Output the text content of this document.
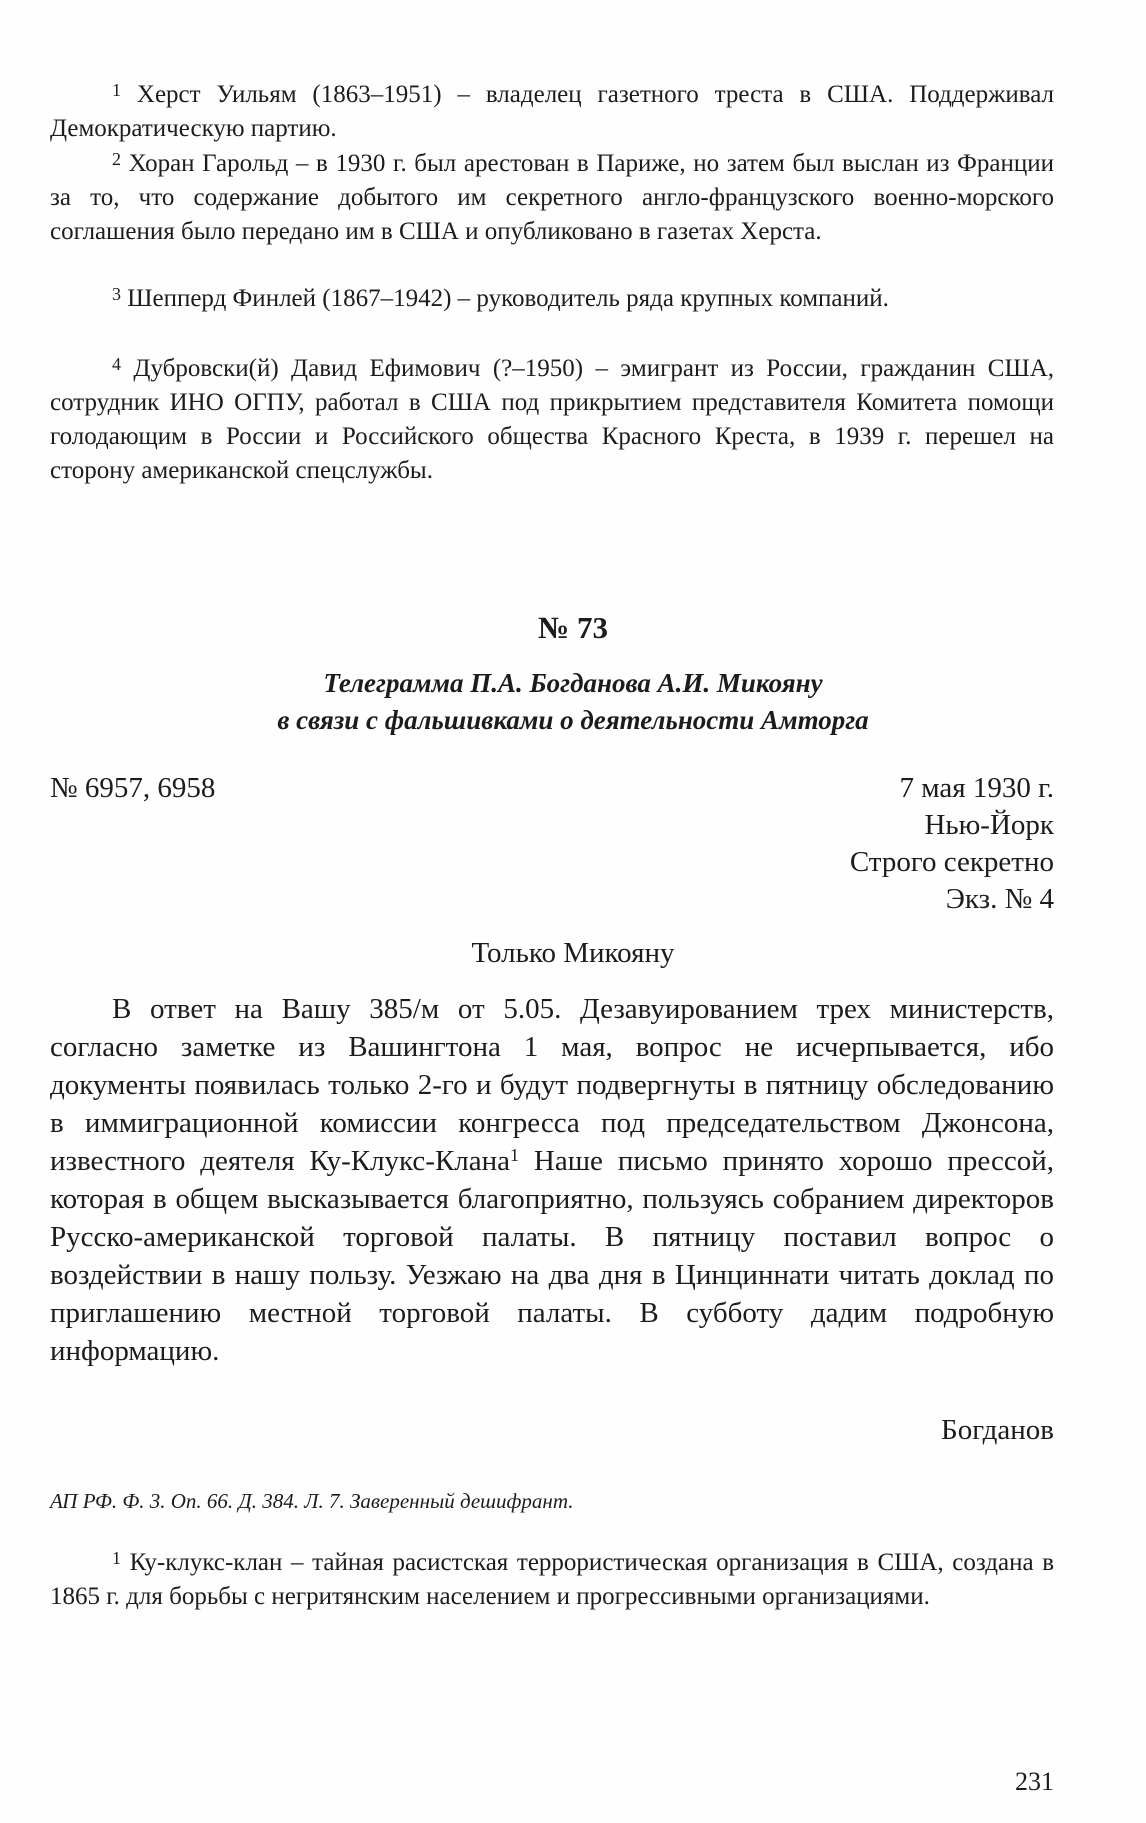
$^1$ Херст Уильям (1863–1951) – владелец газетного треста в США. Поддерживал Демократическую партию.
$^2$ Хоран Гарольд – в 1930 г. был арестован в Париже, но затем был выслан из Франции за то, что содержание добытого им секретного англо-французского военно-морского соглашения было передано им в США и опубликовано в газетах Херста.
$^3$ Шепперд Финлей (1867–1942) – руководитель ряда крупных компаний.
$^4$ Дубровски(й) Давид Ефимович (?–1950) – эмигрант из России, гражданин США, сотрудник ИНО ОГПУ, работал в США под прикрытием представителя Комитета помощи голодающим в России и Российского общества Красного Креста, в 1939 г. перешел на сторону американской спецслужбы.
№ 73
Телеграмма П.А. Богданова А.И. Микояну
в связи с фальшивками о деятельности Амторга
№ 6957, 6958	7 мая 1930 г.
Нью-Йорк
Строго секретно
Экз. № 4
Только Микояну
В ответ на Вашу 385/м от 5.05. Дезавуированием трех министерств, согласно заметке из Вашингтона 1 мая, вопрос не исчерпывается, ибо документы появилась только 2-го и будут подвергнуты в пятницу обследованию в иммиграционной комиссии конгресса под председательством Джонсона, известного деятеля Ку-Клукс-Клана$^1$ Наше письмо принято хорошо прессой, которая в общем высказывается благоприятно, пользуясь собранием директоров Русско-американской торговой палаты. В пятницу поставил вопрос о воздействии в нашу пользу. Уезжаю на два дня в Цинциннати читать доклад по приглашению местной торговой палаты. В субботу дадим подробную информацию.
Богданов
АП РФ. Ф. 3. Оп. 66. Д. 384. Л. 7. Заверенный дешифрант.
$^1$ Ку-клукс-клан – тайная расистская террористическая организация в США, создана в 1865 г. для борьбы с негритянским населением и прогрессивными организациями.
231
